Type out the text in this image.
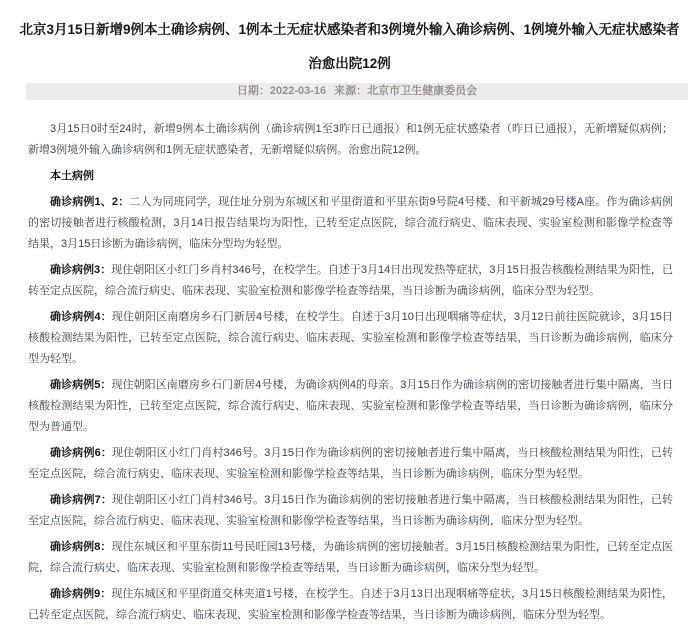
北京3月15日新增9例本土确诊病例、1例本土无症状感染者和3例境外输入确诊病例、1例境外输入无症状感染者
治愈出院12例
日期：2022-03-16 来源：北京市卫生健康委员会

3月15日0时至24时，新增9例本土确诊病例（确诊病例1至3昨日已通报）和1例无症状感染者（昨日已通报），无新增疑似病例；新增3例境外输入确诊病例和1例无症状感染者，无新增疑似病例。治愈出院12例。

本土病例

确诊病例1、2：二人为同班同学，现住址分别为东城区和平里街道和平里东街9号院4号楼、和平新城29号楼A座。作为确诊病例的密切接触者进行核酸检测，3月14日报告结果均为阳性，已转至定点医院，综合流行病史、临床表现、实验室检测和影像学检查等结果，3月15日诊断为确诊病例，临床分型均为轻型。

确诊病例3：现住朝阳区小红门乡肖村346号，在校学生。自述于3月14日出现发热等症状，3月15日报告核酸检测结果为阳性，已转至定点医院，综合流行病史、临床表现、实验室检测和影像学检查等结果，当日诊断为确诊病例，临床分型为轻型。

确诊病例4：现住朝阳区南磨房乡石门新居4号楼，在校学生。自述于3月10日出现咽痛等症状，3月12日前往医院就诊，3月15日核酸检测结果为阳性，已转至定点医院，综合流行病史、临床表现、实验室检测和影像学检查等结果，当日诊断为确诊病例，临床分型为轻型。

确诊病例5：现住朝阳区南磨房乡石门新居4号楼，为确诊病例4的母亲。3月15日作为确诊病例的密切接触者进行集中隔离，当日核酸检测结果为阳性，已转至定点医院，综合流行病史、临床表现、实验室检测和影像学检查等结果，当日诊断为确诊病例，临床分型为普通型。

确诊病例6：现住朝阳区小红门肖村346号。3月15日作为确诊病例的密切接触者进行集中隔离，当日核酸检测结果为阳性，已转至定点医院，综合流行病史、临床表现、实验室检测和影像学检查等结果，当日诊断为确诊病例，临床分型为轻型。

确诊病例7：现住朝阳区小红门肖村346号。3月15日作为确诊病例的密切接触者进行集中隔离，当日核酸检测结果为阳性，已转至定点医院，综合流行病史、临床表现、实验室检测和影像学检查等结果，当日诊断为确诊病例，临床分型为轻型。

确诊病例8：现住东城区和平里东街11号民旺园13号楼，为确诊病例的密切接触者。3月15日核酸检测结果为阳性，已转至定点医院，综合流行病史、临床表现、实验室检测和影像学检查等结果，当日诊断为确诊病例，临床分型为轻型。

确诊病例9：现住东城区和平里街道交林夹道1号楼，在校学生。自述于3月13日出现咽痛等症状，3月15日核酸检测结果为阳性，已转至定点医院，综合流行病史、临床表现、实验室检测和影像学检查等结果，当日诊断为确诊病例，临床分型为轻型。
